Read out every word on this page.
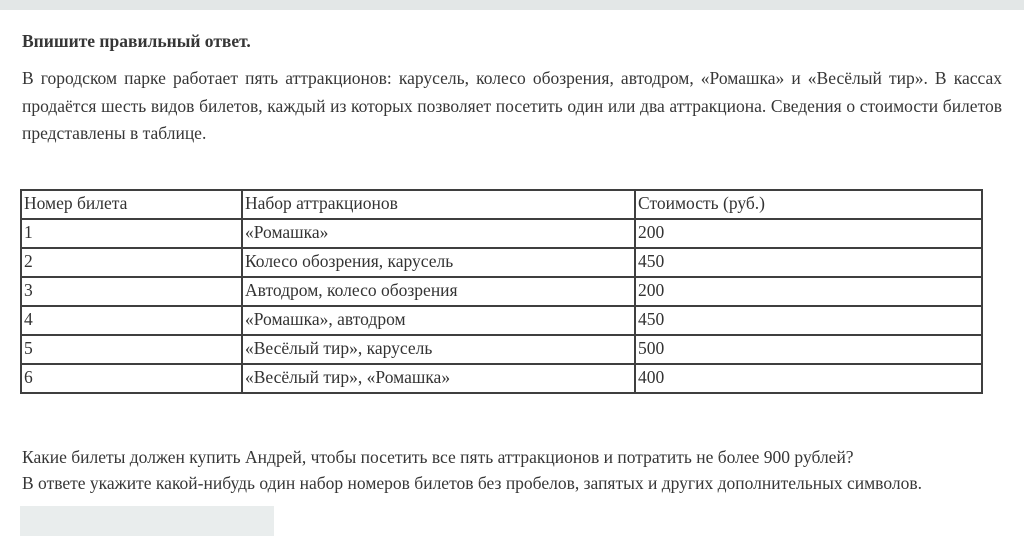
Впишите правильный ответ.

В городском парке работает пять аттракционов: карусель, колесо обозрения, автодром, «Ромашка» и «Весёлый тир». В кассах продаётся шесть видов билетов, каждый из которых позволяет посетить один или два аттракциона. Сведения о стоимости билетов представлены в таблице.

Номер билета	Набор аттракционов	Стоимость (руб.)
1	«Ромашка»	200
2	Колесо обозрения, карусель	450
3	Автодром, колесо обозрения	200
4	«Ромашка», автодром	450
5	«Весёлый тир», карусель	500
6	«Весёлый тир», «Ромашка»	400
Какие билеты должен купить Андрей, чтобы посетить все пять аттракционов и потратить не более 900 рублей?
В ответе укажите какой-нибудь один набор номеров билетов без пробелов, запятых и других дополнительных символов.
